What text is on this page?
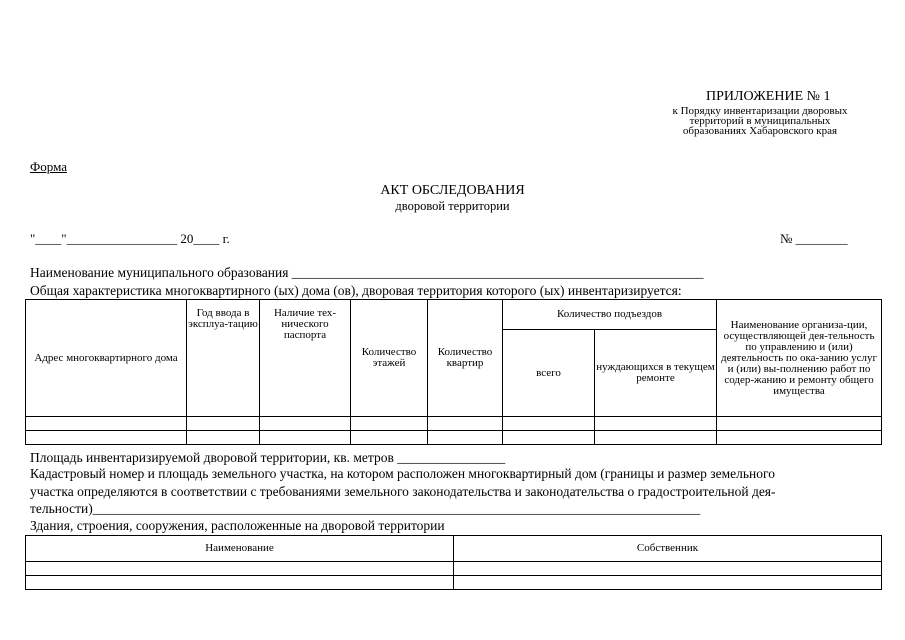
ПРИЛОЖЕНИЕ № 1
к Порядку инвентаризации дворовых
территорий в муниципальных
образованиях Хабаровского края
Форма
АКТ ОБСЛЕДОВАНИЯ
дворовой территории
"____"_________________ 20____ г.	№ ________
Наименование муниципального образования _____________________________________________________________
Общая характеристика многоквартирного (ых) дома (ов), дворовая территория которого (ых) инвентаризируется:
Адрес многоквартирного дома	Год ввода в эксплуа-тацию	Наличие тех-нического паспорта	Количество этажей	Количество квартир	Количество подъездов		Наименование организа-ции, осуществляющей дея-тельность по управлению и (или) деятельность по ока-занию услуг и (или) вы-полнению работ по содер-жанию и ремонту общего имущества
					всего	нуждающихся в текущем ремонте	

Площадь инвентаризируемой дворовой территории, кв. метров ________________
Кадастровый номер и площадь земельного участка, на котором расположен многоквартирный дом (границы и размер земельного
участка определяются в соответствии с требованиями земельного законодательства и законодательства о градостроительной дея-
тельности)__________________________________________________________________________________________
Здания, строения, сооружения, расположенные на дворовой территории
Наименование	Собственник
